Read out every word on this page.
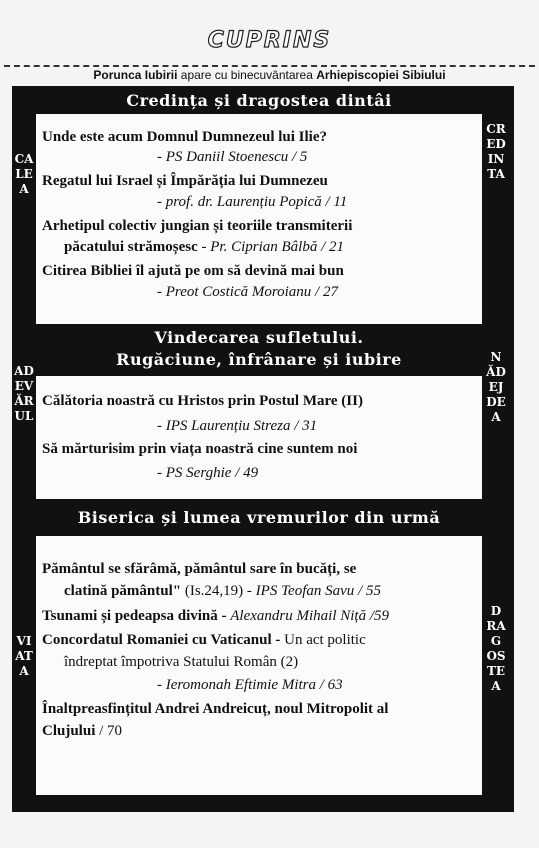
CUPRINS
Porunca Iubirii apare cu binecuvântarea Arhiepiscopiei Sibiului
Credința și dragostea dintâi
Vindecarea sufletului.
Rugăciune, înfrânare și iubire
Biserica și lumea vremurilor din urmă
CALEA
ADEVĂRUL
VIATA
CREDINTA
NĂDEJDEA
DRAGOSTEA
Unde este acum Domnul Dumnezeul lui Ilie?
- PS Daniil Stoenescu / 5
Regatul lui Israel și Împărăția lui Dumnezeu
- prof. dr. Laurențiu Popică / 11
Arhetipul colectiv jungian și teoriile transmiterii
păcatului strămoșesc - Pr. Ciprian Bâlbă / 21
Citirea Bibliei îl ajută pe om să devină mai bun
- Preot Costică Moroianu / 27
Călătoria noastră cu Hristos prin Postul Mare (II)
- IPS Laurențiu Streza / 31
Să mărturisim prin viața noastră cine suntem noi
- PS Serghie / 49
Pământul se sfărâmă, pământul sare în bucăți, se
clatină pământul" (Is.24,19) - IPS Teofan Savu / 55
Tsunami și pedeapsa divină - Alexandru Mihail Niță /59
Concordatul Romaniei cu Vaticanul - Un act politic
îndreptat împotriva Statului Român (2)
- Ieromonah Eftimie Mitra / 63
Înaltpreasfințitul Andrei Andreicuț, noul Mitropolit al
Clujului / 70
